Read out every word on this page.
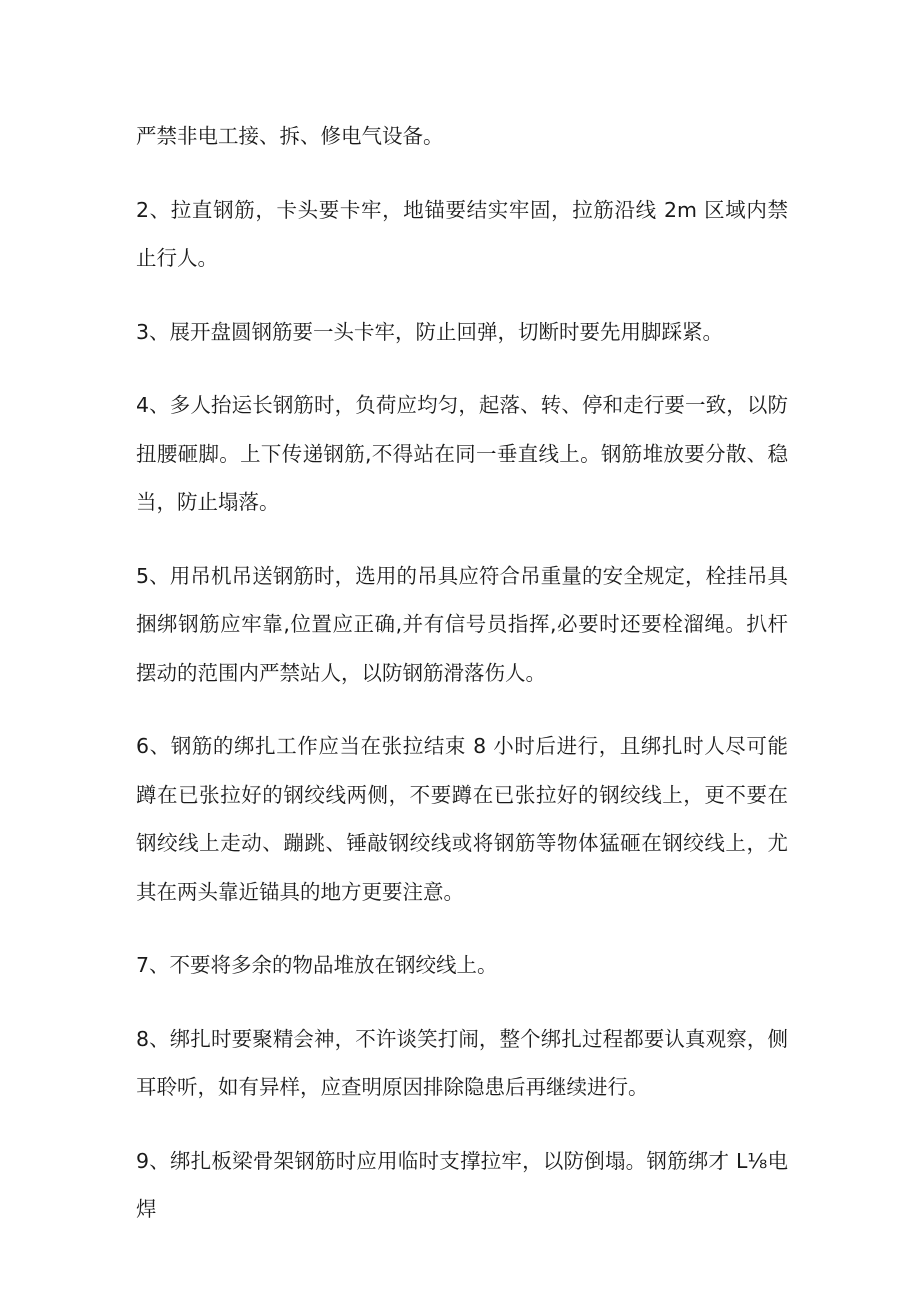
严禁非电工接、拆、修电气设备。

2、拉直钢筋，卡头要卡牢，地锚要结实牢固，拉筋沿线 2m 区域内禁止行人。

3、展开盘圆钢筋要一头卡牢，防止回弹，切断时要先用脚踩紧。

4、多人抬运长钢筋时，负荷应均匀，起落、转、停和走行要一致，以防扭腰砸脚。上下传递钢筋,不得站在同一垂直线上。钢筋堆放要分散、稳当，防止塌落。

5、用吊机吊送钢筋时，选用的吊具应符合吊重量的安全规定，栓挂吊具捆绑钢筋应牢靠,位置应正确,并有信号员指挥,必要时还要栓溜绳。扒杆摆动的范围内严禁站人，以防钢筋滑落伤人。

6、钢筋的绑扎工作应当在张拉结束 8 小时后进行，且绑扎时人尽可能蹲在已张拉好的钢绞线两侧，不要蹲在已张拉好的钢绞线上，更不要在钢绞线上走动、蹦跳、锤敲钢绞线或将钢筋等物体猛砸在钢绞线上，尤其在两头靠近锚具的地方更要注意。

7、不要将多余的物品堆放在钢绞线上。

8、绑扎时要聚精会神，不许谈笑打闹，整个绑扎过程都要认真观察，侧耳聆听，如有异样，应查明原因排除隐患后再继续进行。

9、绑扎板梁骨架钢筋时应用临时支撑拉牢，以防倒塌。钢筋绑才 L⅛电焊
